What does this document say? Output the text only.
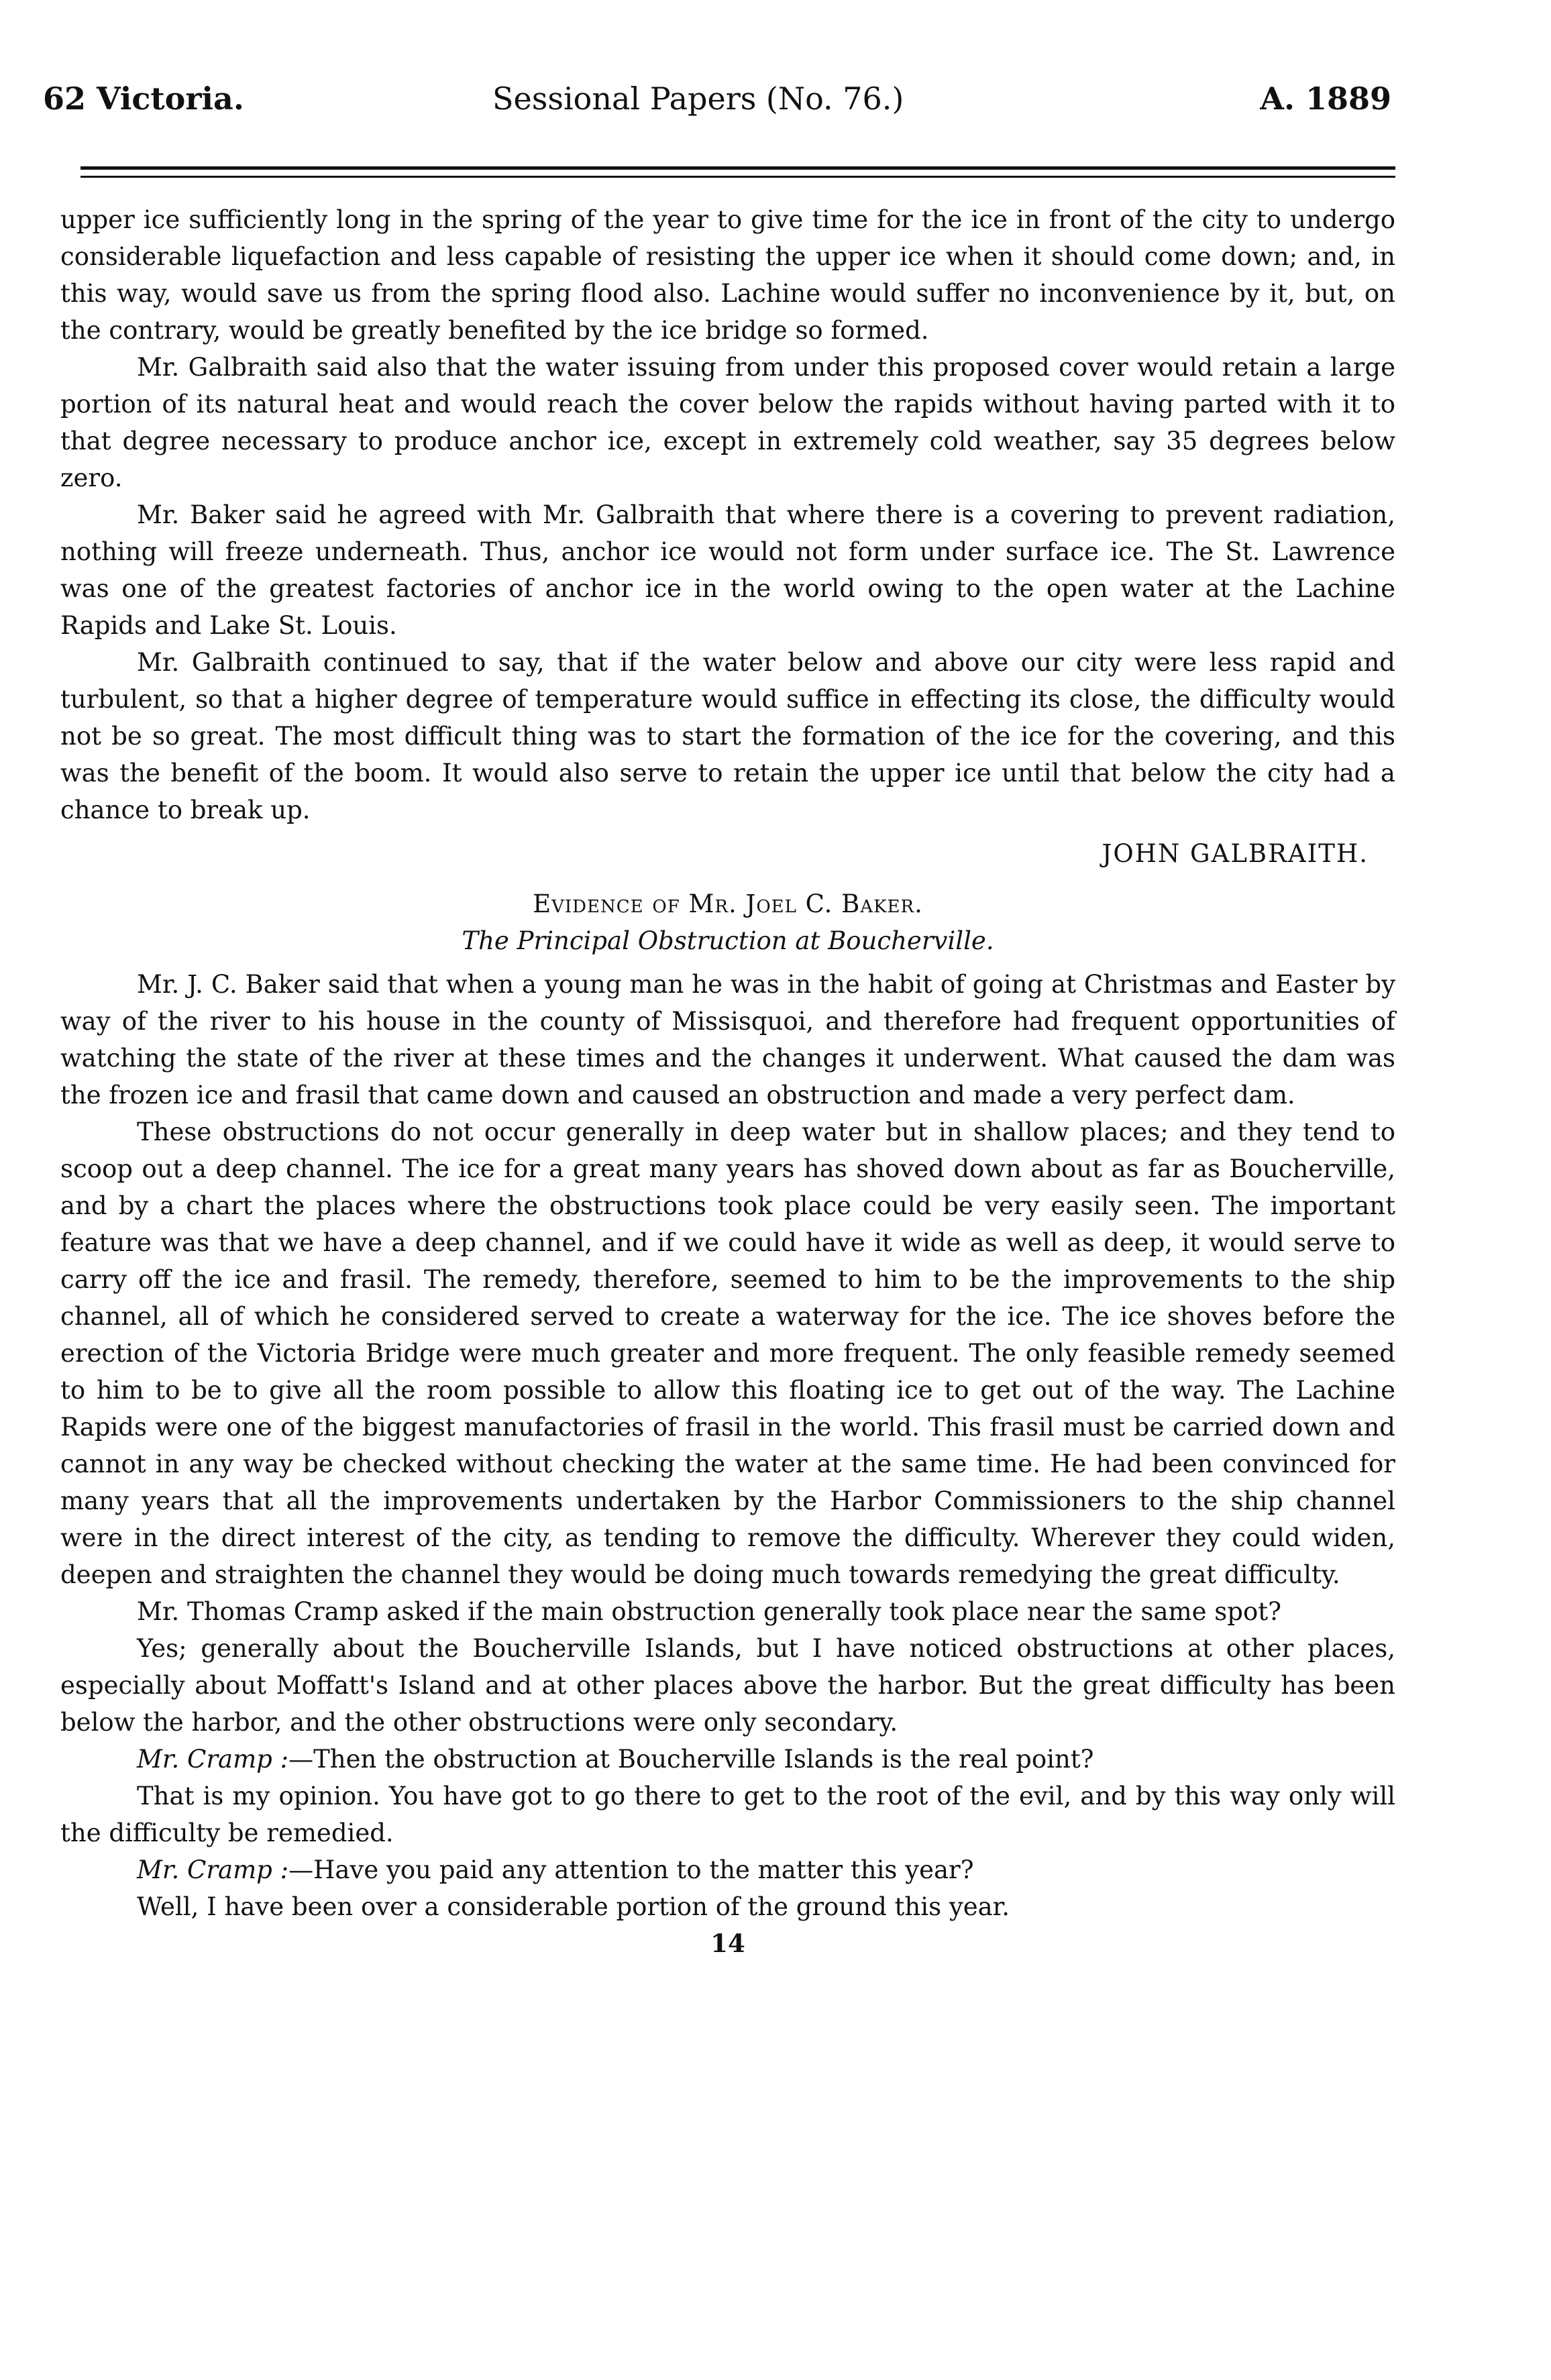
62 Victoria.	Sessional Papers (No. 76.)	A. 1889

upper ice sufficiently long in the spring of the year to give time for the ice in front of the city to undergo considerable liquefaction and less capable of resisting the upper ice when it should come down; and, in this way, would save us from the spring flood also. Lachine would suffer no inconvenience by it, but, on the contrary, would be greatly benefited by the ice bridge so formed.

Mr. Galbraith said also that the water issuing from under this proposed cover would retain a large portion of its natural heat and would reach the cover below the rapids without having parted with it to that degree necessary to produce anchor ice, except in extremely cold weather, say 35 degrees below zero.

Mr. Baker said he agreed with Mr. Galbraith that where there is a covering to prevent radiation, nothing will freeze underneath. Thus, anchor ice would not form under surface ice. The St. Lawrence was one of the greatest factories of anchor ice in the world owing to the open water at the Lachine Rapids and Lake St. Louis.

Mr. Galbraith continued to say, that if the water below and above our city were less rapid and turbulent, so that a higher degree of temperature would suffice in effecting its close, the difficulty would not be so great. The most difficult thing was to start the formation of the ice for the covering, and this was the benefit of the boom. It would also serve to retain the upper ice until that below the city had a chance to break up.

JOHN GALBRAITH.

Evidence of Mr. Joel C. Baker.

The Principal Obstruction at Boucherville.

Mr. J. C. Baker said that when a young man he was in the habit of going at Christmas and Easter by way of the river to his house in the county of Missisquoi, and therefore had frequent opportunities of watching the state of the river at these times and the changes it underwent. What caused the dam was the frozen ice and frasil that came down and caused an obstruction and made a very perfect dam.

These obstructions do not occur generally in deep water but in shallow places; and they tend to scoop out a deep channel. The ice for a great many years has shoved down about as far as Boucherville, and by a chart the places where the obstructions took place could be very easily seen. The important feature was that we have a deep channel, and if we could have it wide as well as deep, it would serve to carry off the ice and frasil. The remedy, therefore, seemed to him to be the improvements to the ship channel, all of which he considered served to create a waterway for the ice. The ice shoves before the erection of the Victoria Bridge were much greater and more frequent. The only feasible remedy seemed to him to be to give all the room possible to allow this floating ice to get out of the way. The Lachine Rapids were one of the biggest manufactories of frasil in the world. This frasil must be carried down and cannot in any way be checked without checking the water at the same time. He had been convinced for many years that all the improvements undertaken by the Harbor Commissioners to the ship channel were in the direct interest of the city, as tending to remove the difficulty. Wherever they could widen, deepen and straighten the channel they would be doing much towards remedying the great difficulty.

Mr. Thomas Cramp asked if the main obstruction generally took place near the same spot?

Yes; generally about the Boucherville Islands, but I have noticed obstructions at other places, especially about Moffatt's Island and at other places above the harbor. But the great difficulty has been below the harbor, and the other obstructions were only secondary.

Mr. Cramp :—Then the obstruction at Boucherville Islands is the real point?

That is my opinion. You have got to go there to get to the root of the evil, and by this way only will the difficulty be remedied.

Mr. Cramp :—Have you paid any attention to the matter this year?

Well, I have been over a considerable portion of the ground this year.

14
